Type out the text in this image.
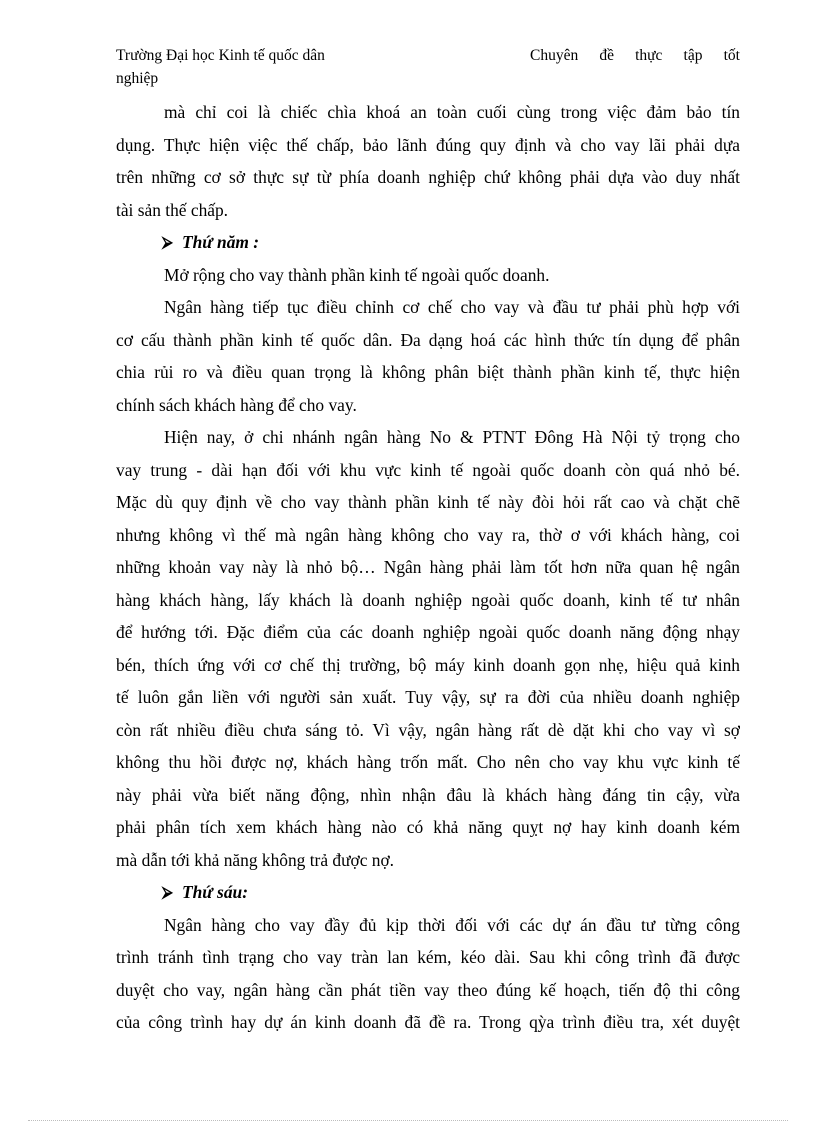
Trường Đại học Kinh tế quốc dân	Chuyên đề thực tập tốt
nghiệp
mà chỉ coi là chiếc chìa khoá an toàn cuối cùng trong việc đảm bảo tín
dụng. Thực hiện việc thế chấp, bảo lãnh đúng quy định và cho vay lãi phải dựa
trên những cơ sở thực sự từ phía doanh nghiệp chứ không phải dựa vào duy nhất
tài sản thế chấp.
⮚ Thứ năm :
Mở rộng cho vay thành phần kinh tế ngoài quốc doanh.
Ngân hàng tiếp tục điều chỉnh cơ chế cho vay và đầu tư phải phù hợp với
cơ cấu thành phần kinh tế quốc dân. Đa dạng hoá các hình thức tín dụng để phân
chia rủi ro và điều quan trọng là không phân biệt thành phần kinh tế, thực hiện
chính sách khách hàng để cho vay.
Hiện nay, ở chi nhánh ngân hàng No & PTNT Đông Hà Nội tỷ trọng cho
vay trung - dài hạn đối với khu vực kinh tế ngoài quốc doanh còn quá nhỏ bé.
Mặc dù quy định về cho vay thành phần kinh tế này đòi hỏi rất cao và chặt chẽ
nhưng không vì thế mà ngân hàng không cho vay ra, thờ ơ với khách hàng, coi
những khoản vay này là nhỏ bộ… Ngân hàng phải làm tốt hơn nữa quan hệ ngân
hàng khách hàng, lấy khách là doanh nghiệp ngoài quốc doanh, kinh tế tư nhân
để hướng tới. Đặc điểm của các doanh nghiệp ngoài quốc doanh năng động nhạy
bén, thích ứng với cơ chế thị trường, bộ máy kinh doanh gọn nhẹ, hiệu quả kinh
tế luôn gắn liền với người sản xuất. Tuy vậy, sự ra đời của nhiều doanh nghiệp
còn rất nhiều điều chưa sáng tỏ. Vì vậy, ngân hàng rất dè dặt khi cho vay vì sợ
không thu hồi được nợ, khách hàng trốn mất. Cho nên cho vay khu vực kinh tế
này phải vừa biết năng động, nhìn nhận đâu là khách hàng đáng tin cậy, vừa
phải phân tích xem khách hàng nào có khả năng quỵt nợ hay kinh doanh kém
mà dẫn tới khả năng không trả được nợ.
⮚ Thứ sáu:
Ngân hàng cho vay đầy đủ kịp thời đối với các dự án đầu tư từng công
trình tránh tình trạng cho vay tràn lan kém, kéo dài. Sau khi công trình đã được
duyệt cho vay, ngân hàng cần phát tiền vay theo đúng kế hoạch, tiến độ thi công
của công trình hay dự án kinh doanh đã đề ra. Trong qỳa trình điều tra, xét duyệt
